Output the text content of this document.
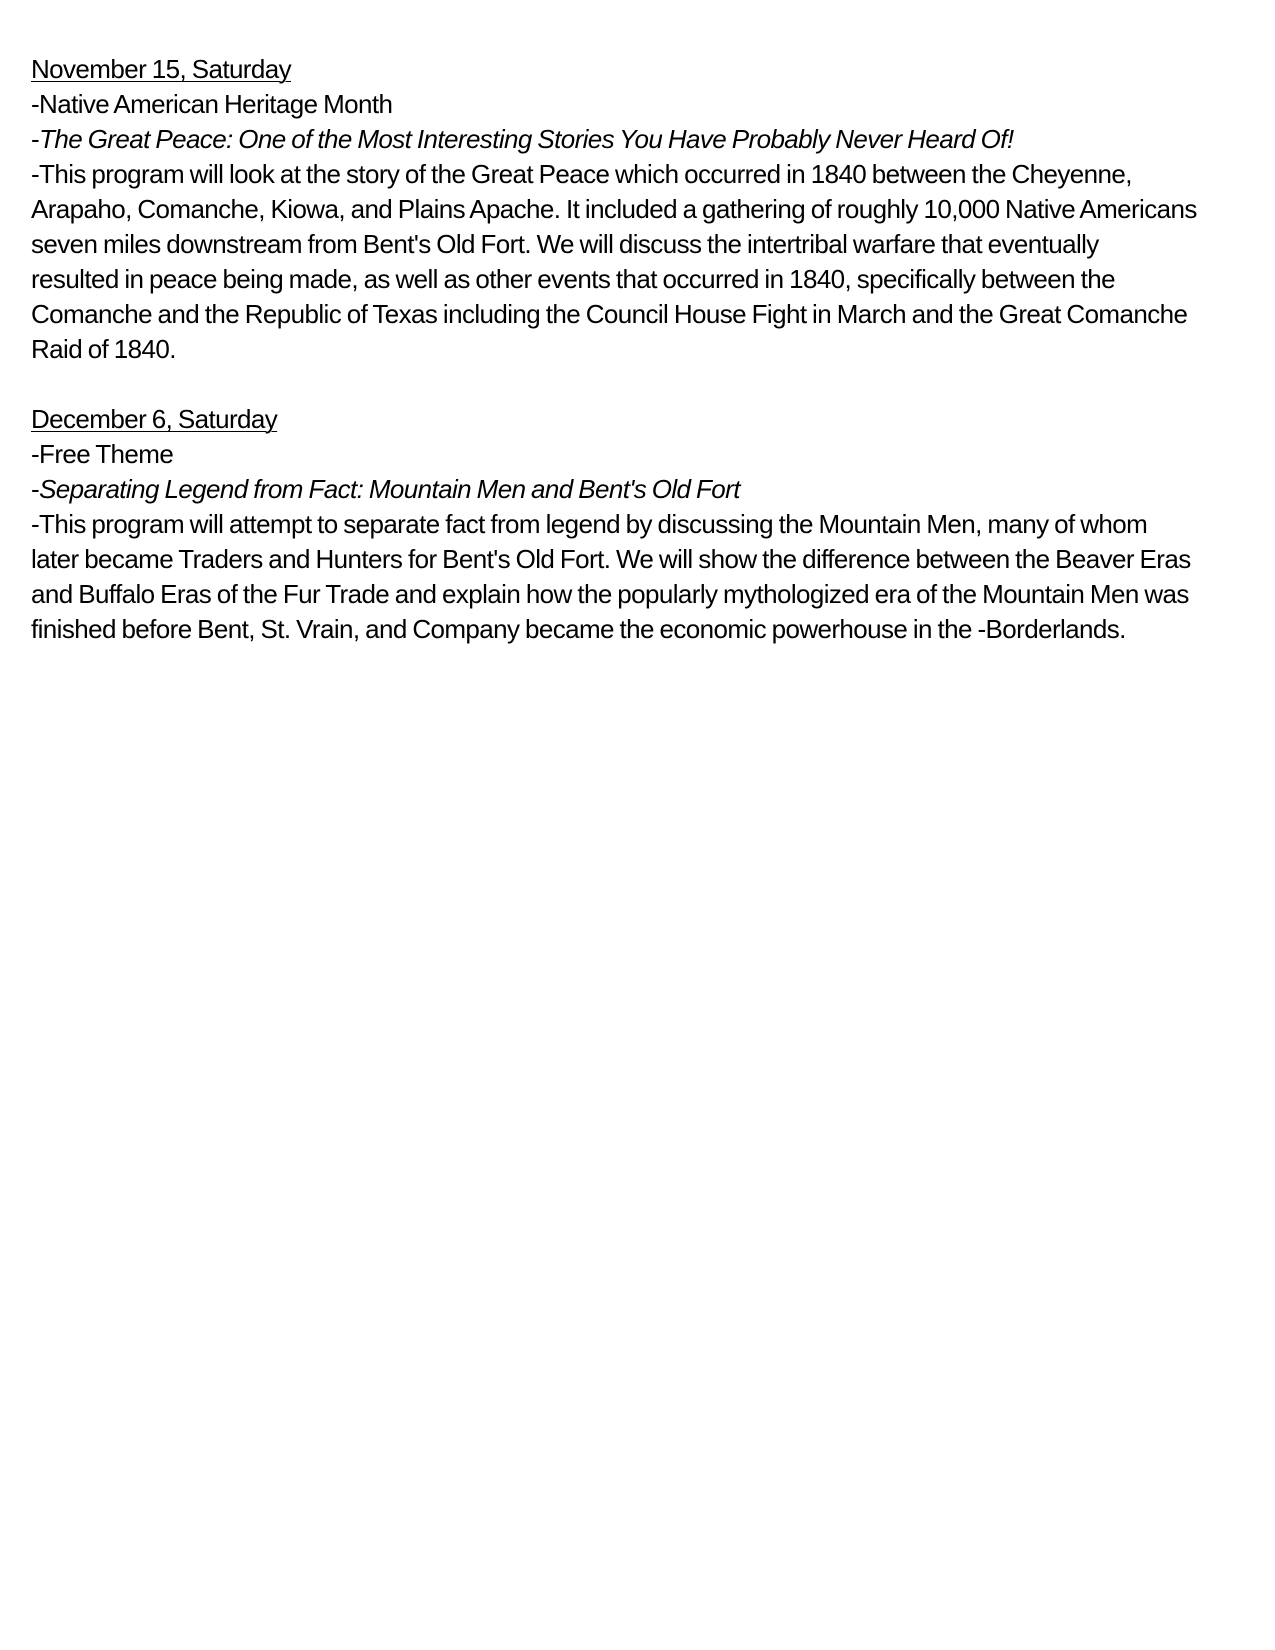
November 15, Saturday
-Native American Heritage Month
-The Great Peace: One of the Most Interesting Stories You Have Probably Never Heard Of!
-This program will look at the story of the Great Peace which occurred in 1840 between the Cheyenne,
Arapaho, Comanche, Kiowa, and Plains Apache. It included a gathering of roughly 10,000 Native Americans
seven miles downstream from Bent's Old Fort. We will discuss the intertribal warfare that eventually
resulted in peace being made, as well as other events that occurred in 1840, specifically between the
Comanche and the Republic of Texas including the Council House Fight in March and the Great Comanche
Raid of 1840.
December 6, Saturday
-Free Theme
-Separating Legend from Fact: Mountain Men and Bent's Old Fort
-This program will attempt to separate fact from legend by discussing the Mountain Men, many of whom
later became Traders and Hunters for Bent's Old Fort. We will show the difference between the Beaver Eras
and Buffalo Eras of the Fur Trade and explain how the popularly mythologized era of the Mountain Men was
finished before Bent, St. Vrain, and Company became the economic powerhouse in the -Borderlands.
